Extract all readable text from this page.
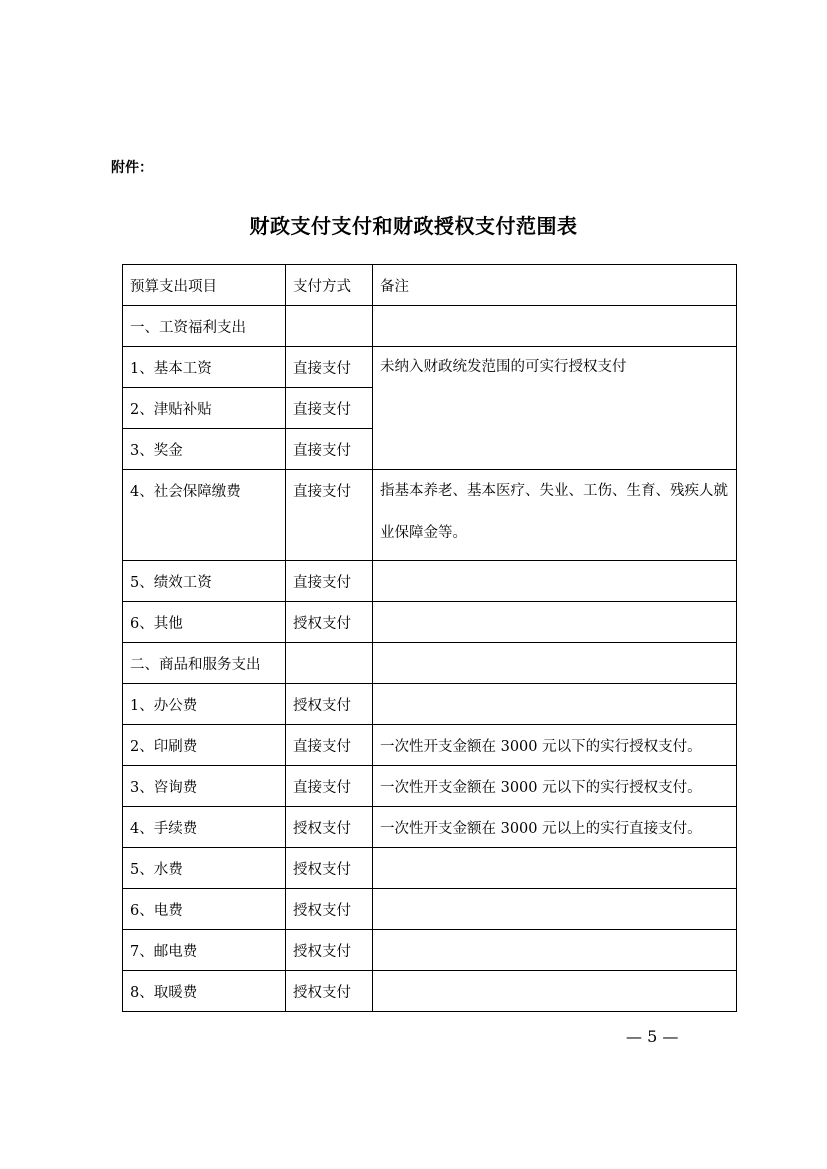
附件：
财政支付支付和财政授权支付范围表
预算支出项目	支付方式	备注
一、工资福利支出		
1、基本工资	直接支付	未纳入财政统发范围的可实行授权支付
2、津贴补贴	直接支付	
3、奖金	直接支付	
4、社会保障缴费	直接支付	指基本养老、基本医疗、失业、工伤、生育、残疾人就业保障金等。
5、绩效工资	直接支付	
6、其他	授权支付	
二、商品和服务支出		
1、办公费	授权支付	
2、印刷费	直接支付	一次性开支金额在 3000 元以下的实行授权支付。
3、咨询费	直接支付	一次性开支金额在 3000 元以下的实行授权支付。
4、手续费	授权支付	一次性开支金额在 3000 元以上的实行直接支付。
5、水费	授权支付	
6、电费	授权支付	
7、邮电费	授权支付	
8、取暖费	授权支付	
— 5 —
